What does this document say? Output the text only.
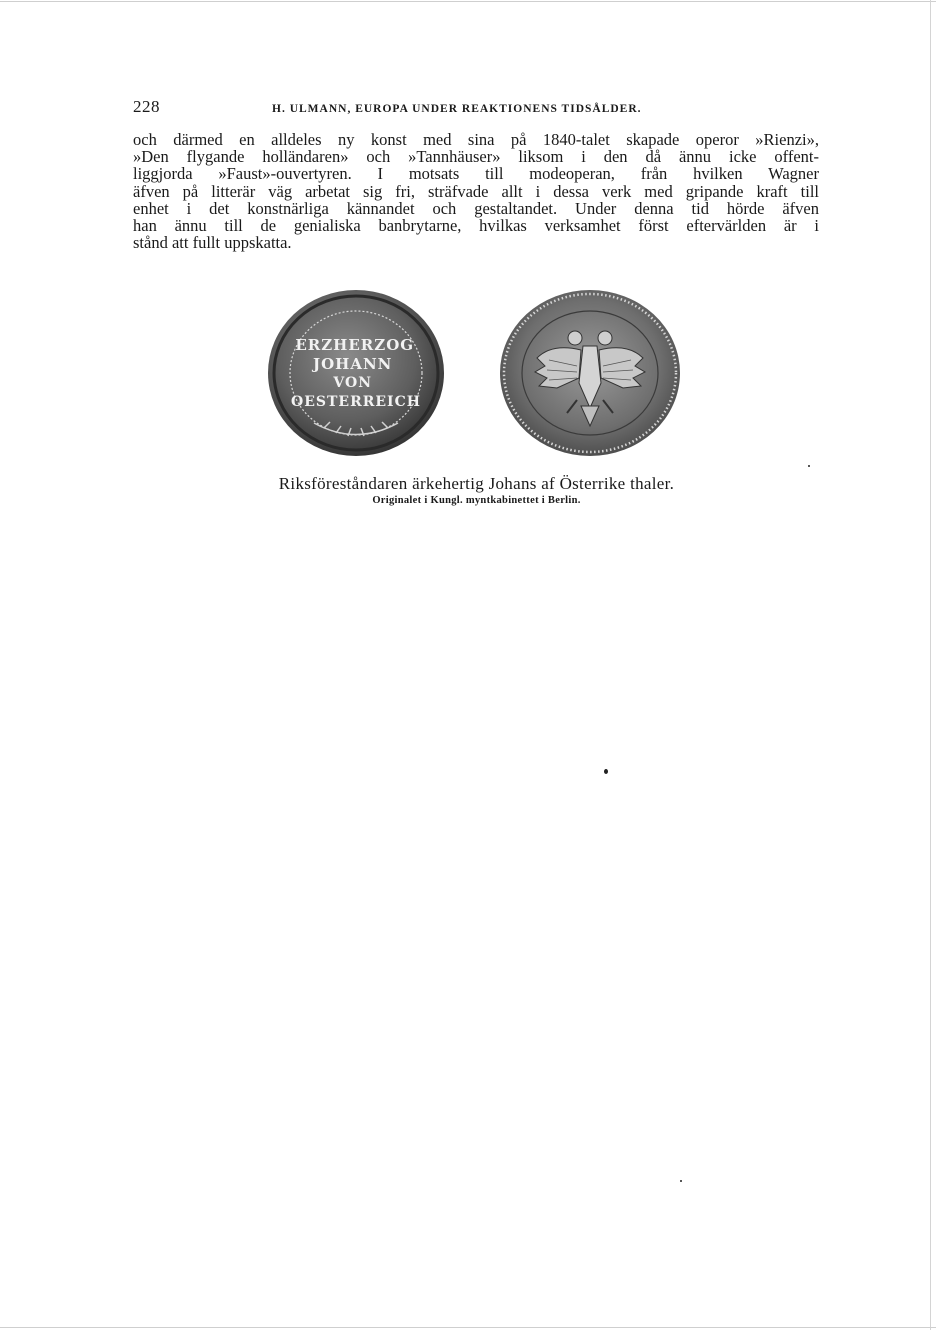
228	H. ULMANN, EUROPA UNDER REAKTIONENS TIDSÅLDER.

och därmed en alldeles ny konst med sina på 1840-talet skapade operor »Rienzi»,
»Den flygande holländaren» och »Tannhäuser» liksom i den då ännu icke offent-
liggjorda »Faust»-ouvertyren. I motsats till modeoperan, från hvilken Wagner
äfven på litterär väg arbetat sig fri, sträfvade allt i dessa verk med gripande kraft till
enhet i det konstnärliga kännandet och gestaltandet. Under denna tid hörde äfven
han ännu till de genialiska banbrytarne, hvilkas verksamhet först eftervärlden är i
stånd att fullt uppskatta.

ERZHERZOG JOHANN VON OESTERREICH
Riksföreståndaren ärkehertig Johans af Österrike thaler.
Originalet i Kungl. myntkabinettet i Berlin.
